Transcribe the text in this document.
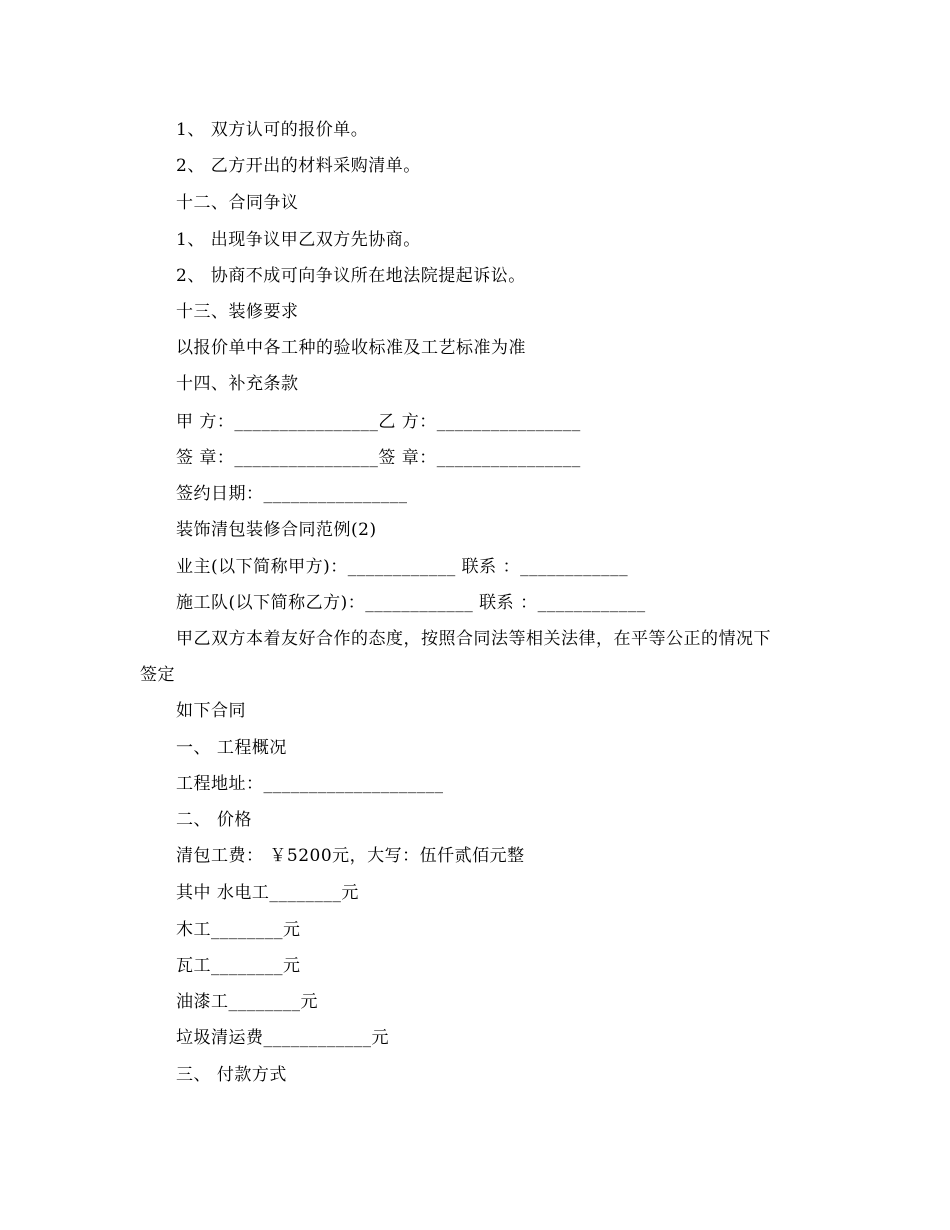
1、 双方认可的报价单。
2、 乙方开出的材料采购清单。
十二、合同争议
1、 出现争议甲乙双方先协商。
2、 协商不成可向争议所在地法院提起诉讼。
十三、装修要求
以报价单中各工种的验收标准及工艺标准为准
十四、补充条款
甲 方：________________乙 方：________________
签 章：________________签 章：________________
签约日期：________________
装饰清包装修合同范例(2)
业主(以下简称甲方)：____________ 联系 ：____________
施工队(以下简称乙方)：____________ 联系 ：____________
甲乙双方本着友好合作的态度，按照合同法等相关法律，在平等公正的情况下
签定
如下合同
一、 工程概况
工程地址：____________________
二、 价格
清包工费： ￥5200元，大写：伍仟贰佰元整
其中 水电工________元
木工________元
瓦工________元
油漆工________元
垃圾清运费____________元
三、 付款方式
